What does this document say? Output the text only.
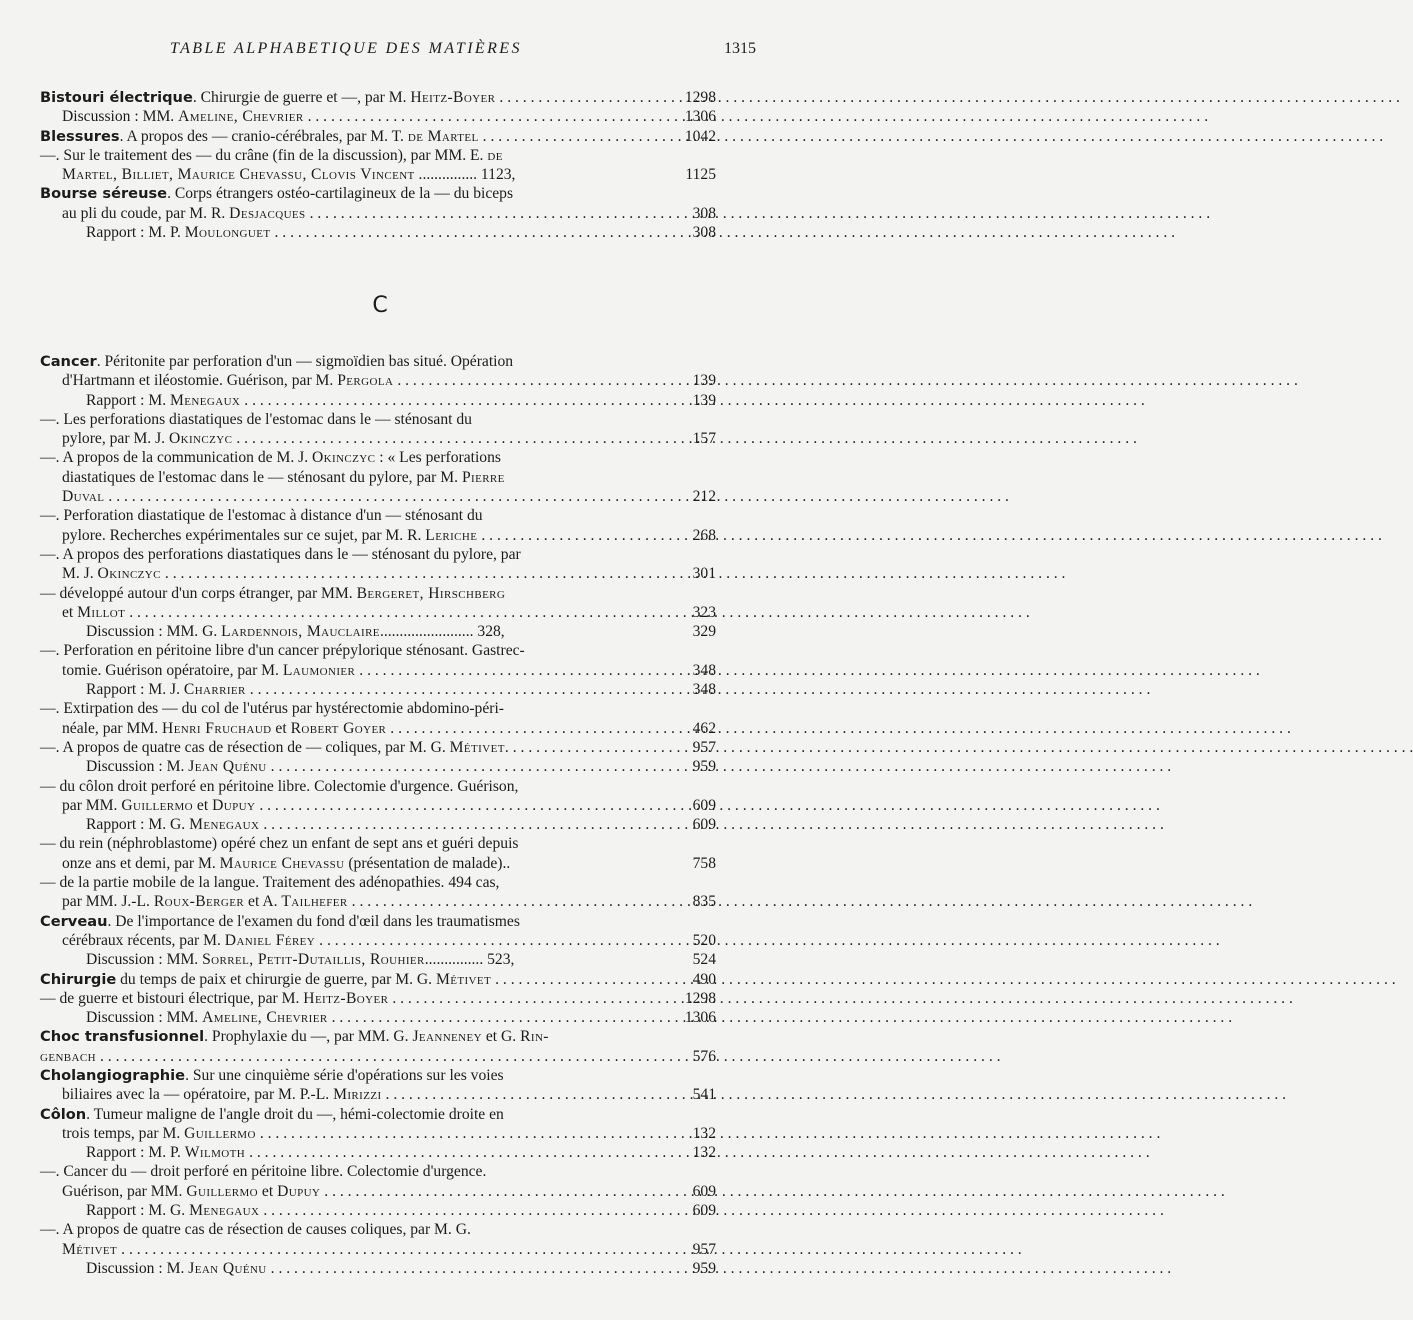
TABLE ALPHABETIQUE DES MATIÈRES	1315
Bistouri électrique. Chirurgie de guerre et —, par M. Heitz-Boyer . . .	1298
Discussion : MM. Ameline, Chevrier . . .	1306
Blessures. A propos des — cranio-cérébrales, par M. T. de Martel . . .	1042
—. Sur le traitement des — du crâne (fin de la discussion), par MM. E. de
Martel, Billiet, Maurice Chevassu, Clovis Vincent ............... 1123,	1125
Bourse séreuse. Corps étrangers ostéo-cartilagineux de la — du biceps
au pli du coude, par M. R. Desjacques . . .	308
Rapport : M. P. Moulonguet . . .	308
C
Cancer. Péritonite par perforation d'un — sigmoïdien bas situé. Opération
d'Hartmann et iléostomie. Guérison, par M. Pergola . . .	139
Rapport : M. Menegaux . . .	139
—. Les perforations diastatiques de l'estomac dans le — sténosant du
pylore, par M. J. Okinczyc . . .	157
—. A propos de la communication de M. J. Okinczyc : « Les perforations
diastatiques de l'estomac dans le — sténosant du pylore, par M. Pierre
Duval . . .	212
—. Perforation diastatique de l'estomac à distance d'un — sténosant du
pylore. Recherches expérimentales sur ce sujet, par M. R. Leriche . . .	268
—. A propos des perforations diastatiques dans le — sténosant du pylore, par
M. J. Okinczyc . . .	301
— développé autour d'un corps étranger, par MM. Bergeret, Hirschberg
et Millot . . .	323
Discussion : MM. G. Lardennois, Mauclaire........................ 328,	329
—. Perforation en péritoine libre d'un cancer prépylorique sténosant. Gastrec-
tomie. Guérison opératoire, par M. Laumonier . . .	348
Rapport : M. J. Charrier . . .	348
—. Extirpation des — du col de l'utérus par hystérectomie abdomino-péri-
néale, par MM. Henri Fruchaud et Robert Goyer . . .	462
—. A propos de quatre cas de résection de — coliques, par M. G. Métivet. . . .	957
Discussion : M. Jean Quénu . . .	959
— du côlon droit perforé en péritoine libre. Colectomie d'urgence. Guérison,
par MM. Guillermo et Dupuy . . .	609
Rapport : M. G. Menegaux . . .	609
— du rein (néphroblastome) opéré chez un enfant de sept ans et guéri depuis
onze ans et demi, par M. Maurice Chevassu (présentation de malade)..	758
— de la partie mobile de la langue. Traitement des adénopathies. 494 cas,
par MM. J.-L. Roux-Berger et A. Tailhefer . . .	835
Cerveau. De l'importance de l'examen du fond d'œil dans les traumatismes
cérébraux récents, par M. Daniel Férey . . .	520
Discussion : MM. Sorrel, Petit-Dutaillis, Rouhier............... 523,	524
Chirurgie du temps de paix et chirurgie de guerre, par M. G. Métivet . . .	490
— de guerre et bistouri électrique, par M. Heitz-Boyer . . .	1298
Discussion : MM. Ameline, Chevrier . . .	1306
Choc transfusionnel. Prophylaxie du —, par MM. G. Jeanneney et G. Rin-
genbach . . .	576
Cholangiographie. Sur une cinquième série d'opérations sur les voies
biliaires avec la — opératoire, par M. P.-L. Mirizzi . . .	541
Côlon. Tumeur maligne de l'angle droit du —, hémi-colectomie droite en
trois temps, par M. Guillermo . . .	132
Rapport : M. P. Wilmoth . . .	132
—. Cancer du — droit perforé en péritoine libre. Colectomie d'urgence.
Guérison, par MM. Guillermo et Dupuy . . .	609
Rapport : M. G. Menegaux . . .	609
—. A propos de quatre cas de résection de causes coliques, par M. G.
Métivet . . .	957
Discussion : M. Jean Quénu . . .	959
